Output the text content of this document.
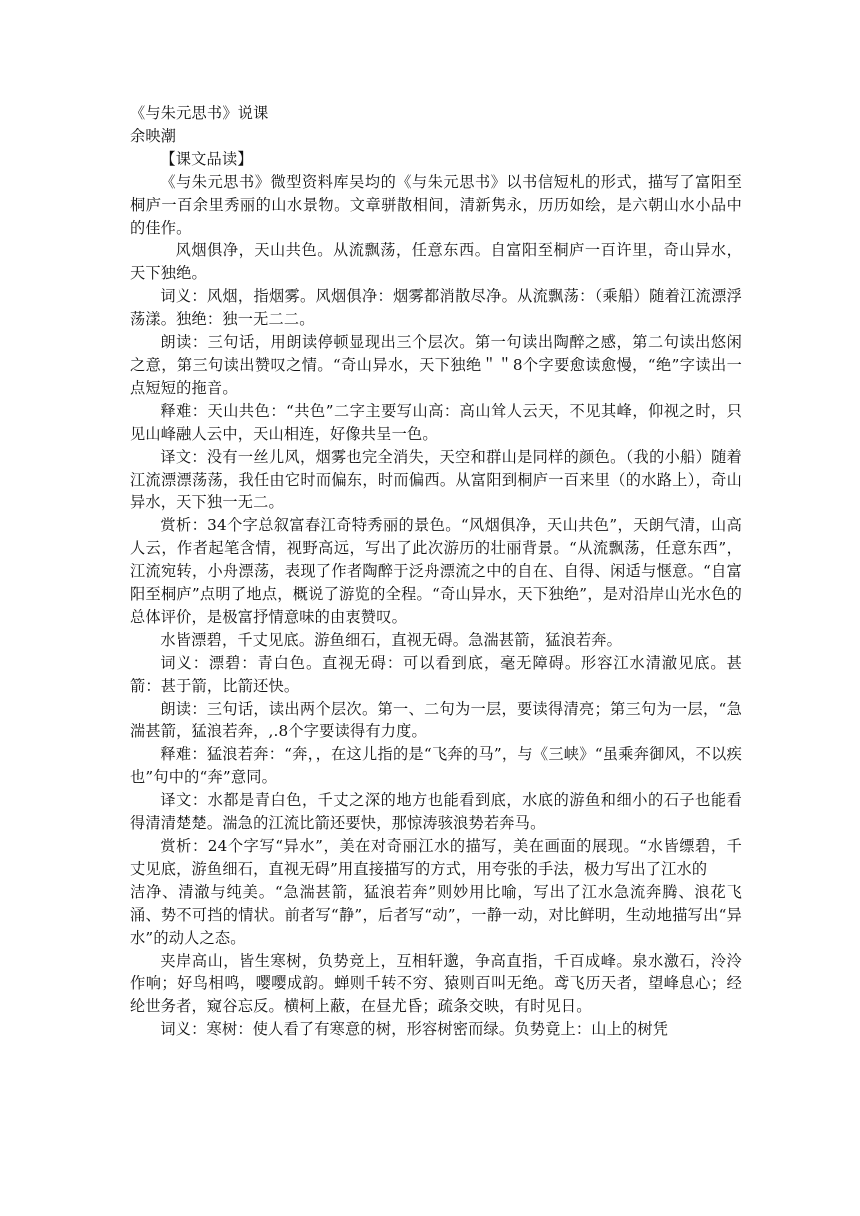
《与朱元思书》说课

余映潮

【课文品读】

《与朱元思书》微型资料库吴均的《与朱元思书》以书信短札的形式，描写了富阳至桐庐一百余里秀丽的山水景物。文章骈散相间，清新隽永，历历如绘，是六朝山水小品中的佳作。

风烟俱净，天山共色。从流飘荡，任意东西。自富阳至桐庐一百许里，奇山异水，天下独绝。

词义：风烟，指烟雾。风烟俱净：烟雾都消散尽净。从流飘荡：（乘船）随着江流漂浮荡漾。独绝：独一无二二。

朗读：三句话，用朗读停顿显现出三个层次。第一句读出陶醉之感，第二句读出悠闲之意，第三句读出赞叹之情。“奇山异水，天下独绝＂＂8个字要愈读愈慢，“绝”字读出一点短短的拖音。

释难：天山共色：“共色”二字主要写山高：高山耸人云天，不见其峰，仰视之时，只见山峰融人云中，天山相连，好像共呈一色。

译文：没有一丝儿风，烟雾也完全消失，天空和群山是同样的颜色。（我的小船）随着江流漂漂荡荡，我任由它时而偏东，时而偏西。从富阳到桐庐一百来里（的水路上），奇山异水，天下独一无二。

赏析：34个字总叙富春江奇特秀丽的景色。“风烟俱净，天山共色”，天朗气清，山高人云，作者起笔含情，视野高远，写出了此次游历的壮丽背景。“从流飘荡，任意东西”，江流宛转，小舟漂荡，表现了作者陶醉于泛舟漂流之中的自在、自得、闲适与惬意。“自富阳至桐庐”点明了地点，概说了游览的全程。“奇山异水，天下独绝”，是对沿岸山光水色的总体评价，是极富抒情意味的由衷赞叹。

水皆漂碧，千丈见底。游鱼细石，直视无碍。急湍甚箭，猛浪若奔。

词义：漂碧：青白色。直视无碍：可以看到底，毫无障碍。形容江水清澈见底。甚箭：甚于箭，比箭还快。

朗读：三句话，读出两个层次。第一、二句为一层，要读得清亮；第三句为一层，“急湍甚箭，猛浪若奔，,.8个字要读得有力度。

释难：猛浪若奔：“奔，，在这儿指的是“飞奔的马”，与《三峡》“虽乘奔御风，不以疾也”句中的“奔”意同。

译文：水都是青白色，千丈之深的地方也能看到底，水底的游鱼和细小的石子也能看得清清楚楚。湍急的江流比箭还要快，那惊涛骇浪势若奔马。

赏析：24个字写“异水”，美在对奇丽江水的描写，美在画面的展现。“水皆缥碧，千丈见底，游鱼细石，直视无碍”用直接描写的方式，用夸张的手法，极力写出了江水的

洁净、清澈与纯美。“急湍甚箭，猛浪若奔”则妙用比喻，写出了江水急流奔腾、浪花飞涌、势不可挡的情状。前者写“静”，后者写“动”，一静一动，对比鲜明，生动地描写出“异水”的动人之态。

夹岸高山，皆生寒树，负势竞上，互相轩邈，争高直指，千百成峰。泉水激石，泠泠作响；好鸟相鸣，嘤嘤成韵。蝉则千转不穷、猿则百叫无绝。鸢飞历天者，望峰息心；经纶世务者，窥谷忘反。横柯上蔽，在昼尤昏；疏条交映，有时见日。

词义：寒树：使人看了有寒意的树，形容树密而绿。负势竟上：山上的树凭
